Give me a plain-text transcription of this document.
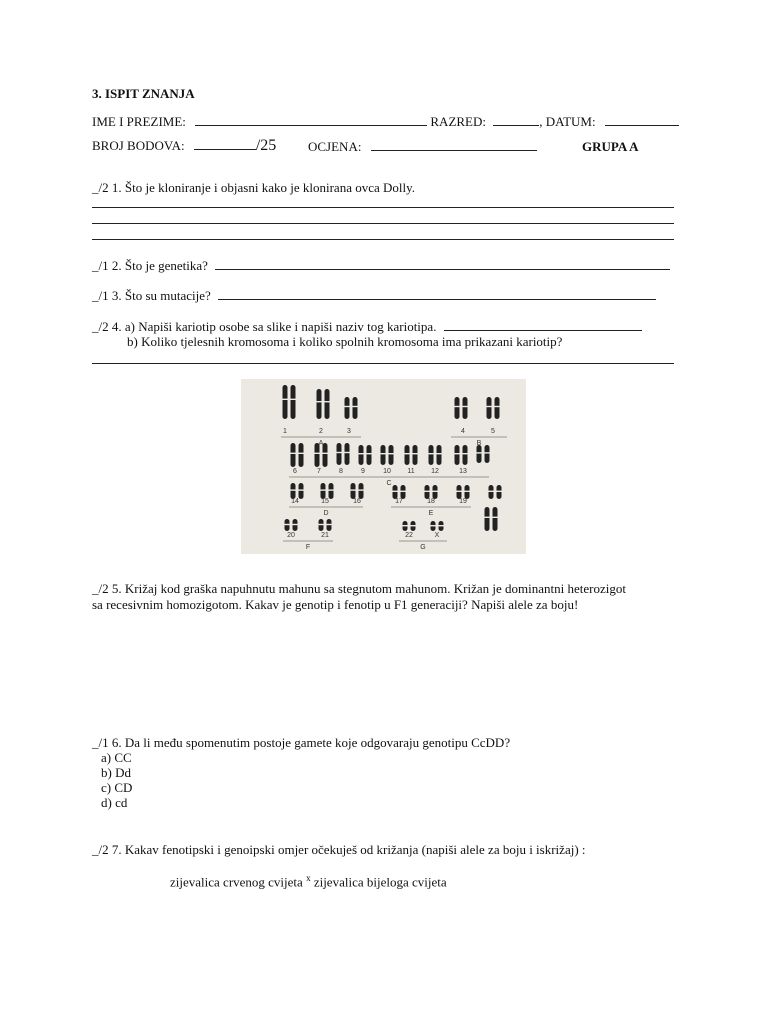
3. ISPIT ZNANJA
IME I PREZIME:	RAZRED:	, DATUM:
BROJ BODOVA:	/25 OCJENA:	GRUPA A
_/2 1. Što je kloniranje i objasni kako je klonirana ovca Dolly.
_/1 2. Što je genetika?
_/1 3. Što su mutacije?
_/2 4. a) Napiši kariotip osobe sa slike i napiši naziv tog kariotipa.
b) Koliko tjelesnih kromosoma i koliko spolnih kromosoma ima prikazani kariotip?
1	2	3	4	5
6	7	8	9	10 11 12	13
14	15	16	17	18	19
20	21	22	X
A	B
C
D	E
F	G
_/2 5. Križaj kod graška napuhnutu mahunu sa stegnutom mahunom. Križan je dominantni heterozigot
sa recesivnim homozigotom. Kakav je genotip i fenotip u F1 generaciji? Napiši alele za boju!
_/1 6. Da li među spomenutim postoje gamete koje odgovaraju genotipu CcDD?
a) CC
b) Dd
c) CD
d) cd
_/2 7. Kakav fenotipski i genoipski omjer očekuješ od križanja (napiši alele za boju i iskrižaj) :
zijevalica crvenog cvijeta $^x$ zijevalica bijeloga cvijeta
